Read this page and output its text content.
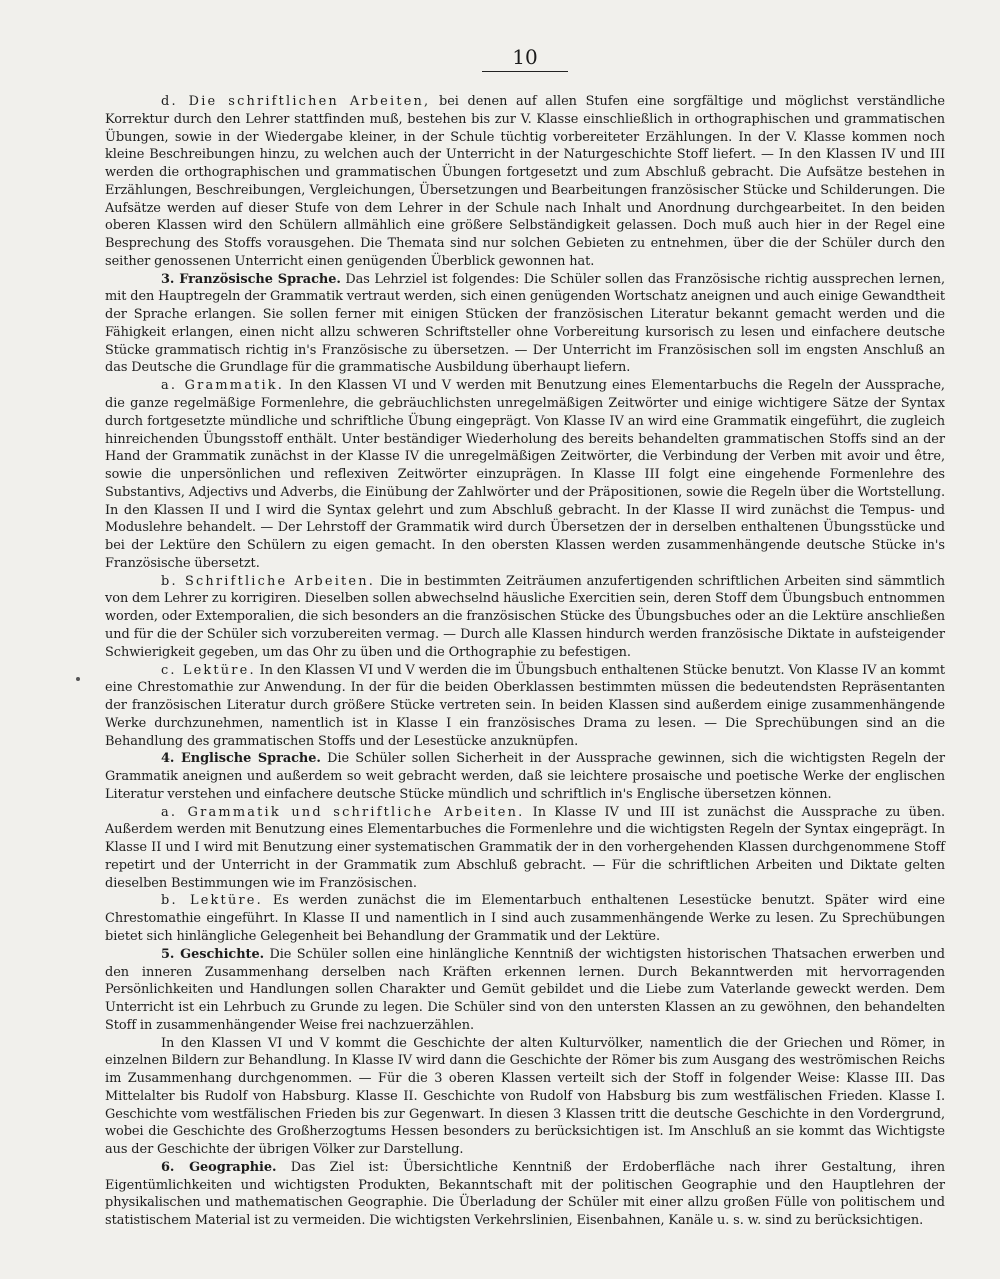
10

d. Die schriftlichen Arbeiten, bei denen auf allen Stufen eine sorgfältige und möglichst verständliche Korrektur durch den Lehrer stattfinden muß, bestehen bis zur V. Klasse einschließlich in orthographischen und grammatischen Übungen, sowie in der Wiedergabe kleiner, in der Schule tüchtig vorbereiteter Erzählungen. In der V. Klasse kommen noch kleine Beschreibungen hinzu, zu welchen auch der Unterricht in der Naturgeschichte Stoff liefert. — In den Klassen IV und III werden die orthographischen und grammatischen Übungen fortgesetzt und zum Abschluß gebracht. Die Aufsätze bestehen in Erzählungen, Beschreibungen, Vergleichungen, Übersetzungen und Bearbeitungen französischer Stücke und Schilderungen. Die Aufsätze werden auf dieser Stufe von dem Lehrer in der Schule nach Inhalt und Anordnung durchgearbeitet. In den beiden oberen Klassen wird den Schülern allmählich eine größere Selbständigkeit gelassen. Doch muß auch hier in der Regel eine Besprechung des Stoffs vorausgehen. Die Themata sind nur solchen Gebieten zu entnehmen, über die der Schüler durch den seither genossenen Unterricht einen genügenden Überblick gewonnen hat.

3. Französische Sprache. Das Lehrziel ist folgendes: Die Schüler sollen das Französische richtig aussprechen lernen, mit den Hauptregeln der Grammatik vertraut werden, sich einen genügenden Wortschatz aneignen und auch einige Gewandtheit der Sprache erlangen. Sie sollen ferner mit einigen Stücken der französischen Literatur bekannt gemacht werden und die Fähigkeit erlangen, einen nicht allzu schweren Schriftsteller ohne Vorbereitung kursorisch zu lesen und einfachere deutsche Stücke grammatisch richtig in's Französische zu übersetzen. — Der Unterricht im Französischen soll im engsten Anschluß an das Deutsche die Grundlage für die grammatische Ausbildung überhaupt liefern.

a. Grammatik. In den Klassen VI und V werden mit Benutzung eines Elementarbuchs die Regeln der Aussprache, die ganze regelmäßige Formenlehre, die gebräuchlichsten unregelmäßigen Zeitwörter und einige wichtigere Sätze der Syntax durch fortgesetzte mündliche und schriftliche Übung eingeprägt. Von Klasse IV an wird eine Grammatik eingeführt, die zugleich hinreichenden Übungsstoff enthält. Unter beständiger Wiederholung des bereits behandelten grammatischen Stoffs sind an der Hand der Grammatik zunächst in der Klasse IV die unregelmäßigen Zeitwörter, die Verbindung der Verben mit avoir und être, sowie die unpersönlichen und reflexiven Zeitwörter einzuprägen. In Klasse III folgt eine eingehende Formenlehre des Substantivs, Adjectivs und Adverbs, die Einübung der Zahlwörter und der Präpositionen, sowie die Regeln über die Wortstellung. In den Klassen II und I wird die Syntax gelehrt und zum Abschluß gebracht. In der Klasse II wird zunächst die Tempus- und Moduslehre behandelt. — Der Lehrstoff der Grammatik wird durch Übersetzen der in derselben enthaltenen Übungsstücke und bei der Lektüre den Schülern zu eigen gemacht. In den obersten Klassen werden zusammenhängende deutsche Stücke in's Französische übersetzt.

b. Schriftliche Arbeiten. Die in bestimmten Zeiträumen anzufertigenden schriftlichen Arbeiten sind sämmtlich von dem Lehrer zu korrigiren. Dieselben sollen abwechselnd häusliche Exercitien sein, deren Stoff dem Übungsbuch entnommen worden, oder Extemporalien, die sich besonders an die französischen Stücke des Übungsbuches oder an die Lektüre anschließen und für die der Schüler sich vorzubereiten vermag. — Durch alle Klassen hindurch werden französische Diktate in aufsteigender Schwierigkeit gegeben, um das Ohr zu üben und die Orthographie zu befestigen.

c. Lektüre. In den Klassen VI und V werden die im Übungsbuch enthaltenen Stücke benutzt. Von Klasse IV an kommt eine Chrestomathie zur Anwendung. In der für die beiden Oberklassen bestimmten müssen die bedeutendsten Repräsentanten der französischen Literatur durch größere Stücke vertreten sein. In beiden Klassen sind außerdem einige zusammenhängende Werke durchzunehmen, namentlich ist in Klasse I ein französisches Drama zu lesen. — Die Sprechübungen sind an die Behandlung des grammatischen Stoffs und der Lesestücke anzuknüpfen.

4. Englische Sprache. Die Schüler sollen Sicherheit in der Aussprache gewinnen, sich die wichtigsten Regeln der Grammatik aneignen und außerdem so weit gebracht werden, daß sie leichtere prosaische und poetische Werke der englischen Literatur verstehen und einfachere deutsche Stücke mündlich und schriftlich in's Englische übersetzen können.

a. Grammatik und schriftliche Arbeiten. In Klasse IV und III ist zunächst die Aussprache zu üben. Außerdem werden mit Benutzung eines Elementarbuches die Formenlehre und die wichtigsten Regeln der Syntax eingeprägt. In Klasse II und I wird mit Benutzung einer systematischen Grammatik der in den vorhergehenden Klassen durchgenommene Stoff repetirt und der Unterricht in der Grammatik zum Abschluß gebracht. — Für die schriftlichen Arbeiten und Diktate gelten dieselben Bestimmungen wie im Französischen.

b. Lektüre. Es werden zunächst die im Elementarbuch enthaltenen Lesestücke benutzt. Später wird eine Chrestomathie eingeführt. In Klasse II und namentlich in I sind auch zusammenhängende Werke zu lesen. Zu Sprechübungen bietet sich hinlängliche Gelegenheit bei Behandlung der Grammatik und der Lektüre.

5. Geschichte. Die Schüler sollen eine hinlängliche Kenntniß der wichtigsten historischen Thatsachen erwerben und den inneren Zusammenhang derselben nach Kräften erkennen lernen. Durch Bekanntwerden mit hervorragenden Persönlichkeiten und Handlungen sollen Charakter und Gemüt gebildet und die Liebe zum Vaterlande geweckt werden. Dem Unterricht ist ein Lehrbuch zu Grunde zu legen. Die Schüler sind von den untersten Klassen an zu gewöhnen, den behandelten Stoff in zusammenhängender Weise frei nachzuerzählen.

In den Klassen VI und V kommt die Geschichte der alten Kulturvölker, namentlich die der Griechen und Römer, in einzelnen Bildern zur Behandlung. In Klasse IV wird dann die Geschichte der Römer bis zum Ausgang des weströmischen Reichs im Zusammenhang durchgenommen. — Für die 3 oberen Klassen verteilt sich der Stoff in folgender Weise: Klasse III. Das Mittelalter bis Rudolf von Habsburg. Klasse II. Geschichte von Rudolf von Habsburg bis zum westfälischen Frieden. Klasse I. Geschichte vom westfälischen Frieden bis zur Gegenwart. In diesen 3 Klassen tritt die deutsche Geschichte in den Vordergrund, wobei die Geschichte des Großherzogtums Hessen besonders zu berücksichtigen ist. Im Anschluß an sie kommt das Wichtigste aus der Geschichte der übrigen Völker zur Darstellung.

6. Geographie. Das Ziel ist: Übersichtliche Kenntniß der Erdoberfläche nach ihrer Gestaltung, ihren Eigentümlichkeiten und wichtigsten Produkten, Bekanntschaft mit der politischen Geographie und den Hauptlehren der physikalischen und mathematischen Geographie. Die Überladung der Schüler mit einer allzu großen Fülle von politischem und statistischem Material ist zu vermeiden. Die wichtigsten Verkehrslinien, Eisenbahnen, Kanäle u. s. w. sind zu berücksichtigen.
